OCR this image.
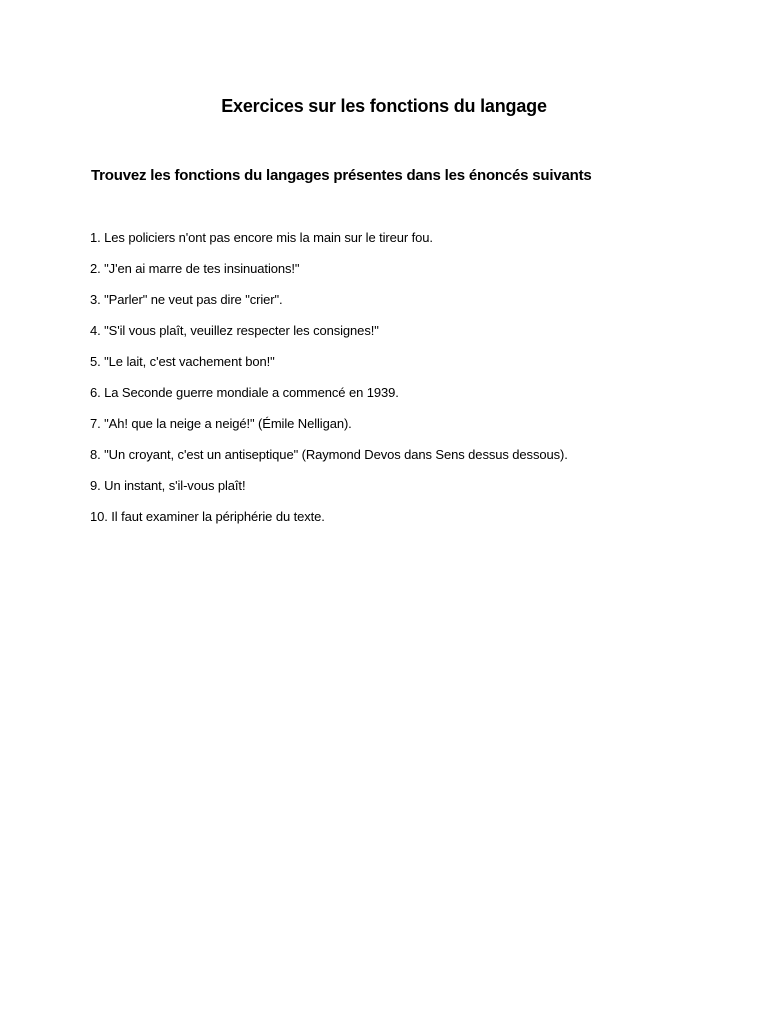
Exercices sur les fonctions du langage
Trouvez les fonctions du langages présentes dans les énoncés suivants
1. Les policiers n'ont pas encore mis la main sur le tireur fou.
2. "J'en ai marre de tes insinuations!"
3. "Parler" ne veut pas dire "crier".
4. "S'il vous plaît, veuillez respecter les consignes!"
5. "Le lait, c'est vachement bon!"
6. La Seconde guerre mondiale a commencé en 1939.
7. "Ah! que la neige a neigé!" (Émile Nelligan).
8. "Un croyant, c'est un antiseptique" (Raymond Devos dans Sens dessus dessous).
9. Un instant, s'il-vous plaît!
10. Il faut examiner la périphérie du texte.
